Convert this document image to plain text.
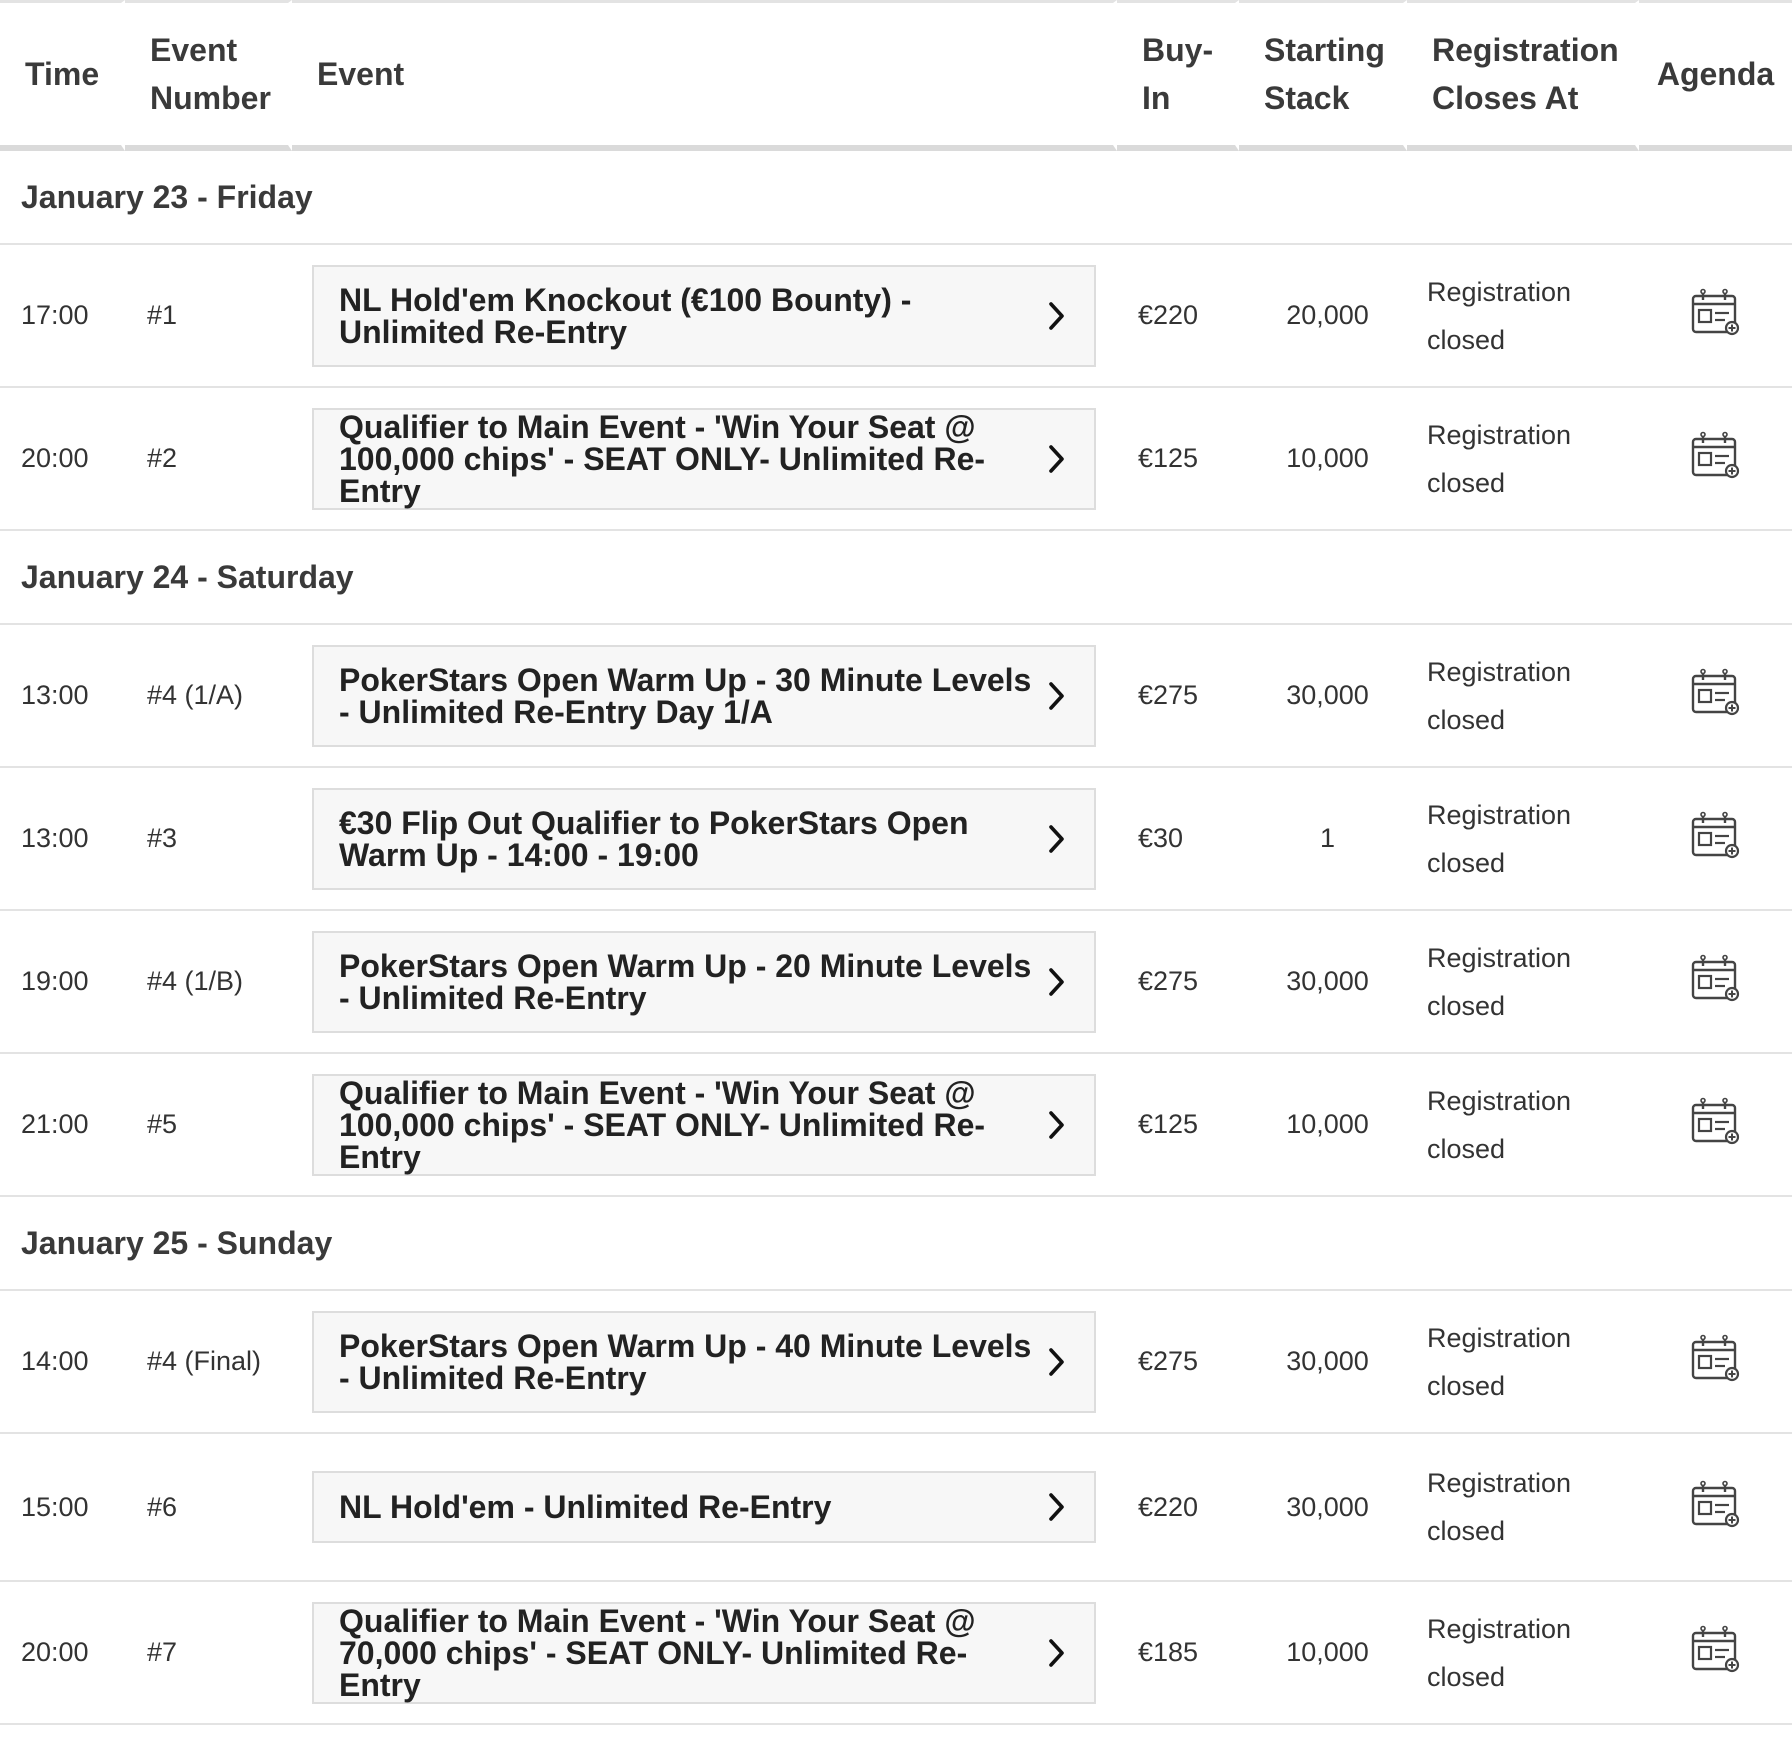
Time	Event Number	Event	Buy-In	Starting Stack	Registration Closes At	Agenda
January 23 - Friday						
17:00	#1	NL Hold'em Knockout (€100 Bounty) - Unlimited Re-Entry	€220	20,000	Registration closed	
20:00	#2	Qualifier to Main Event - 'Win Your Seat @ 100,000 chips' - SEAT ONLY- Unlimited Re-Entry	€125	10,000	Registration closed	
January 24 - Saturday						
13:00	#4 (1/A)	PokerStars Open Warm Up - 30 Minute Levels - Unlimited Re-Entry Day 1/A	€275	30,000	Registration closed	
13:00	#3	€30 Flip Out Qualifier to PokerStars Open Warm Up - 14:00 - 19:00	€30	1	Registration closed	
19:00	#4 (1/B)	PokerStars Open Warm Up - 20 Minute Levels - Unlimited Re-Entry	€275	30,000	Registration closed	
21:00	#5	Qualifier to Main Event - 'Win Your Seat @ 100,000 chips' - SEAT ONLY- Unlimited Re-Entry	€125	10,000	Registration closed	
January 25 - Sunday						
14:00	#4 (Final)	PokerStars Open Warm Up - 40 Minute Levels - Unlimited Re-Entry	€275	30,000	Registration closed	
15:00	#6	NL Hold'em - Unlimited Re-Entry	€220	30,000	Registration closed	
20:00	#7	Qualifier to Main Event - 'Win Your Seat @ 70,000 chips' - SEAT ONLY- Unlimited Re-Entry	€185	10,000	Registration closed	
